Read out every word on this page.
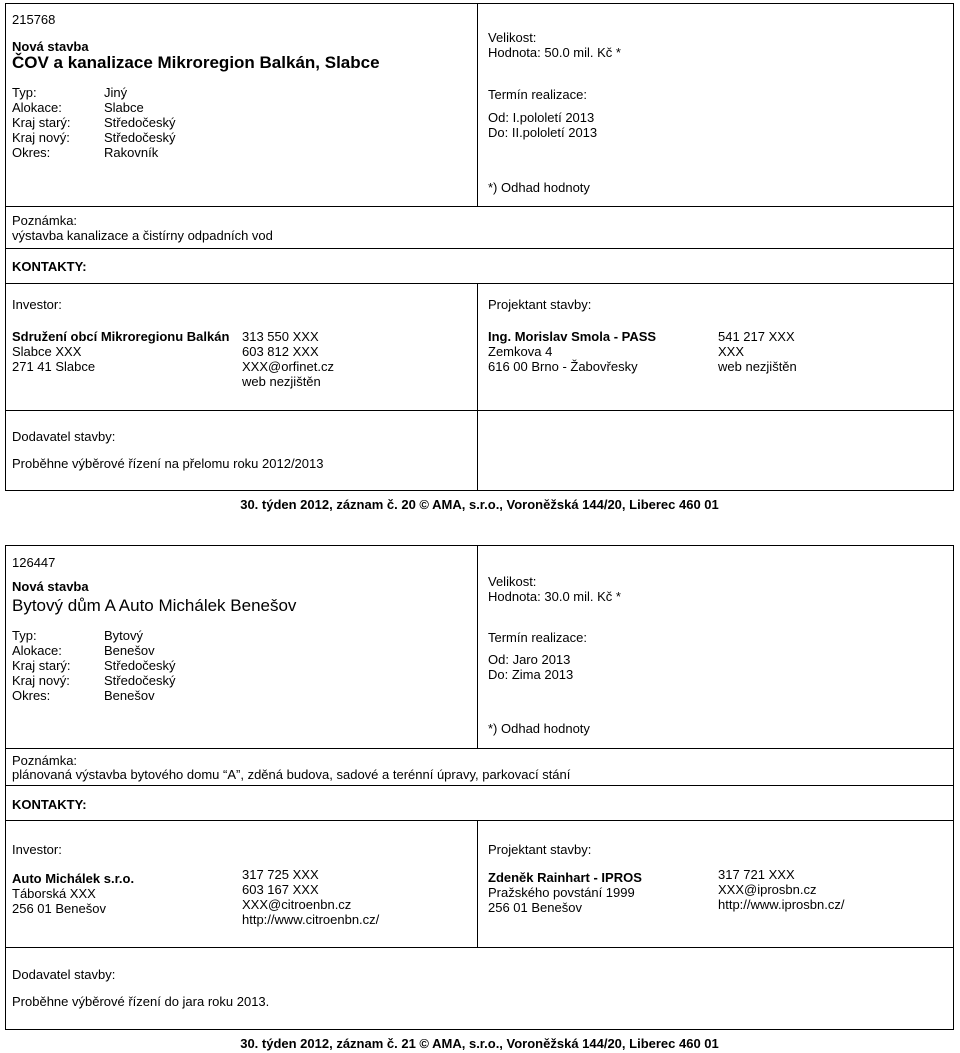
215768
Nová stavba
ČOV a kanalizace Mikroregion Balkán, Slabce
Typ:	Jiný
Alokace:	Slabce
Kraj starý:	Středočeský
Kraj nový:	Středočeský
Okres:	Rakovník
Velikost:
Hodnota: 50.0 mil. Kč *
Termín realizace:
Od: I.pololetí 2013
Do: II.pololetí 2013
*) Odhad hodnoty
Poznámka:
výstavba kanalizace a čistírny odpadních vod
KONTAKTY:
Investor:
Sdružení obcí Mikroregionu Balkán
Slabce XXX
271 41 Slabce
313 550 XXX
603 812 XXX
XXX@orfinet.cz
web nezjištěn
Projektant stavby:
Ing. Morislav Smola - PASS
Zemkova 4
616 00 Brno - Žabovřesky
541 217 XXX
XXX
web nezjištěn
Dodavatel stavby:
Proběhne výběrové řízení na přelomu roku 2012/2013
30. týden 2012, záznam č. 20 © AMA, s.r.o., Voroněžská 144/20, Liberec 460 01
126447
Nová stavba
Bytový dům A Auto Michálek Benešov
Typ:	Bytový
Alokace:	Benešov
Kraj starý:	Středočeský
Kraj nový:	Středočeský
Okres:	Benešov
Velikost:
Hodnota: 30.0 mil. Kč *
Termín realizace:
Od: Jaro 2013
Do: Zima 2013
*) Odhad hodnoty
Poznámka:
plánovaná výstavba bytového domu “A”, zděná budova, sadové a terénní úpravy, parkovací stání
KONTAKTY:
Investor:
Auto Michálek s.r.o.
Táborská XXX
256 01 Benešov
317 725 XXX
603 167 XXX
XXX@citroenbn.cz
http://www.citroenbn.cz/
Projektant stavby:
Zdeněk Rainhart - IPROS
Pražského povstání 1999
256 01 Benešov
317 721 XXX
XXX@iprosbn.cz
http://www.iprosbn.cz/
Dodavatel stavby:
Proběhne výběrové řízení do jara roku 2013.
30. týden 2012, záznam č. 21 © AMA, s.r.o., Voroněžská 144/20, Liberec 460 01
